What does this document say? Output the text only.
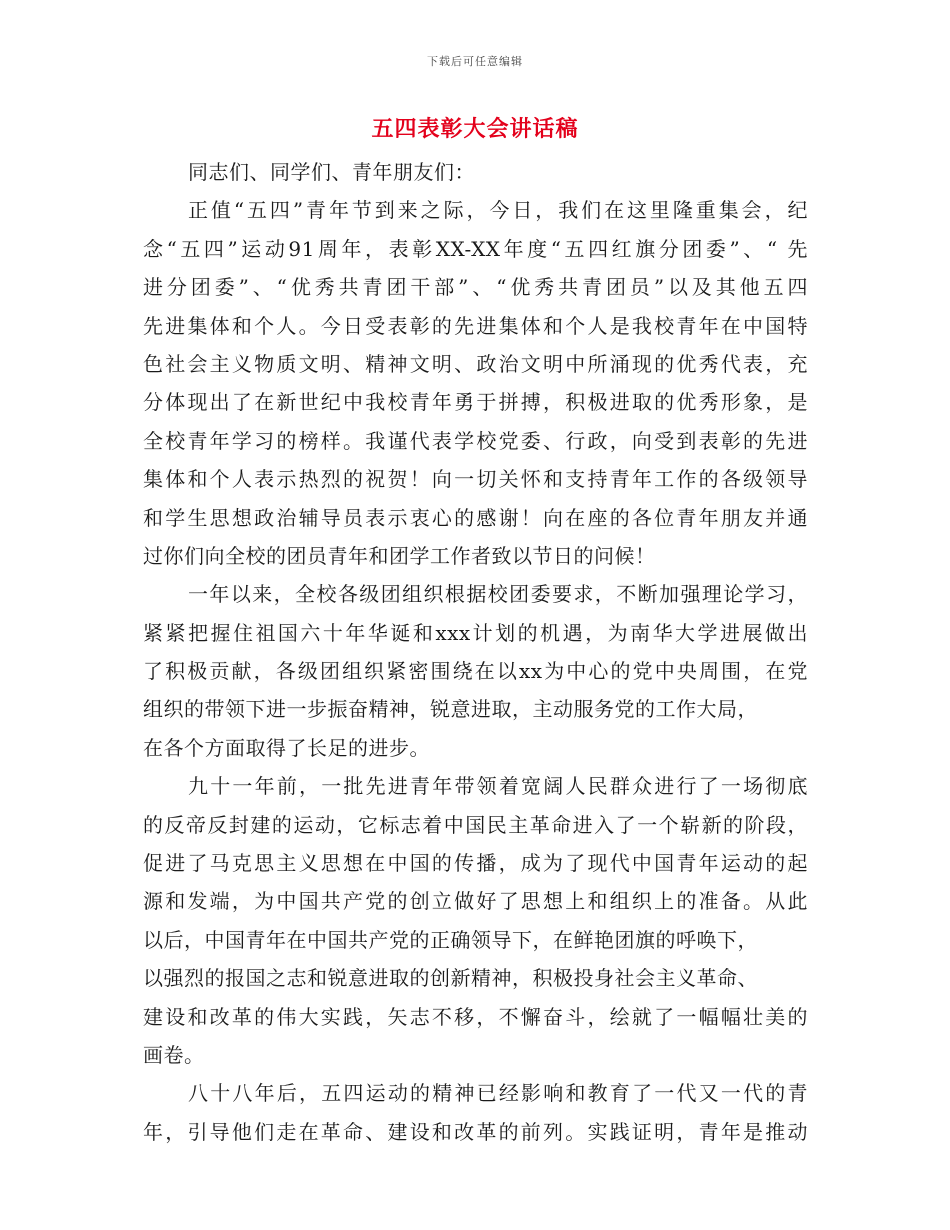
下载后可任意编辑
五四表彰大会讲话稿
同志们、同学们、青年朋友们：
正值“五四”青年节到来之际，今日，我们在这里隆重集会，纪
念“五四”运动91周年，表彰XX-XX年度“五四红旗分团委”、“ 先
进分团委”、“优秀共青团干部”、“优秀共青团员”以及其他五四
先进集体和个人。今日受表彰的先进集体和个人是我校青年在中国特
色社会主义物质文明、精神文明、政治文明中所涌现的优秀代表，充
分体现出了在新世纪中我校青年勇于拼搏，积极进取的优秀形象，是
全校青年学习的榜样。我谨代表学校党委、行政，向受到表彰的先进
集体和个人表示热烈的祝贺！向一切关怀和支持青年工作的各级领导
和学生思想政治辅导员表示衷心的感谢！向在座的各位青年朋友并通
过你们向全校的团员青年和团学工作者致以节日的问候！
一年以来，全校各级团组织根据校团委要求，不断加强理论学习，
紧紧把握住祖国六十年华诞和xxx计划的机遇，为南华大学进展做出
了积极贡献，各级团组织紧密围绕在以xx为中心的党中央周围，在党
组织的带领下进一步振奋精神，锐意进取，主动服务党的工作大局，
在各个方面取得了长足的进步。
九十一年前，一批先进青年带领着宽阔人民群众进行了一场彻底
的反帝反封建的运动，它标志着中国民主革命进入了一个崭新的阶段，
促进了马克思主义思想在中国的传播，成为了现代中国青年运动的起
源和发端，为中国共产党的创立做好了思想上和组织上的准备。从此
以后，中国青年在中国共产党的正确领导下，在鲜艳团旗的呼唤下，
以强烈的报国之志和锐意进取的创新精神，积极投身社会主义革命、
建设和改革的伟大实践，矢志不移，不懈奋斗，绘就了一幅幅壮美的
画卷。
八十八年后，五四运动的精神已经影响和教育了一代又一代的青
年，引导他们走在革命、建设和改革的前列。实践证明，青年是推动
